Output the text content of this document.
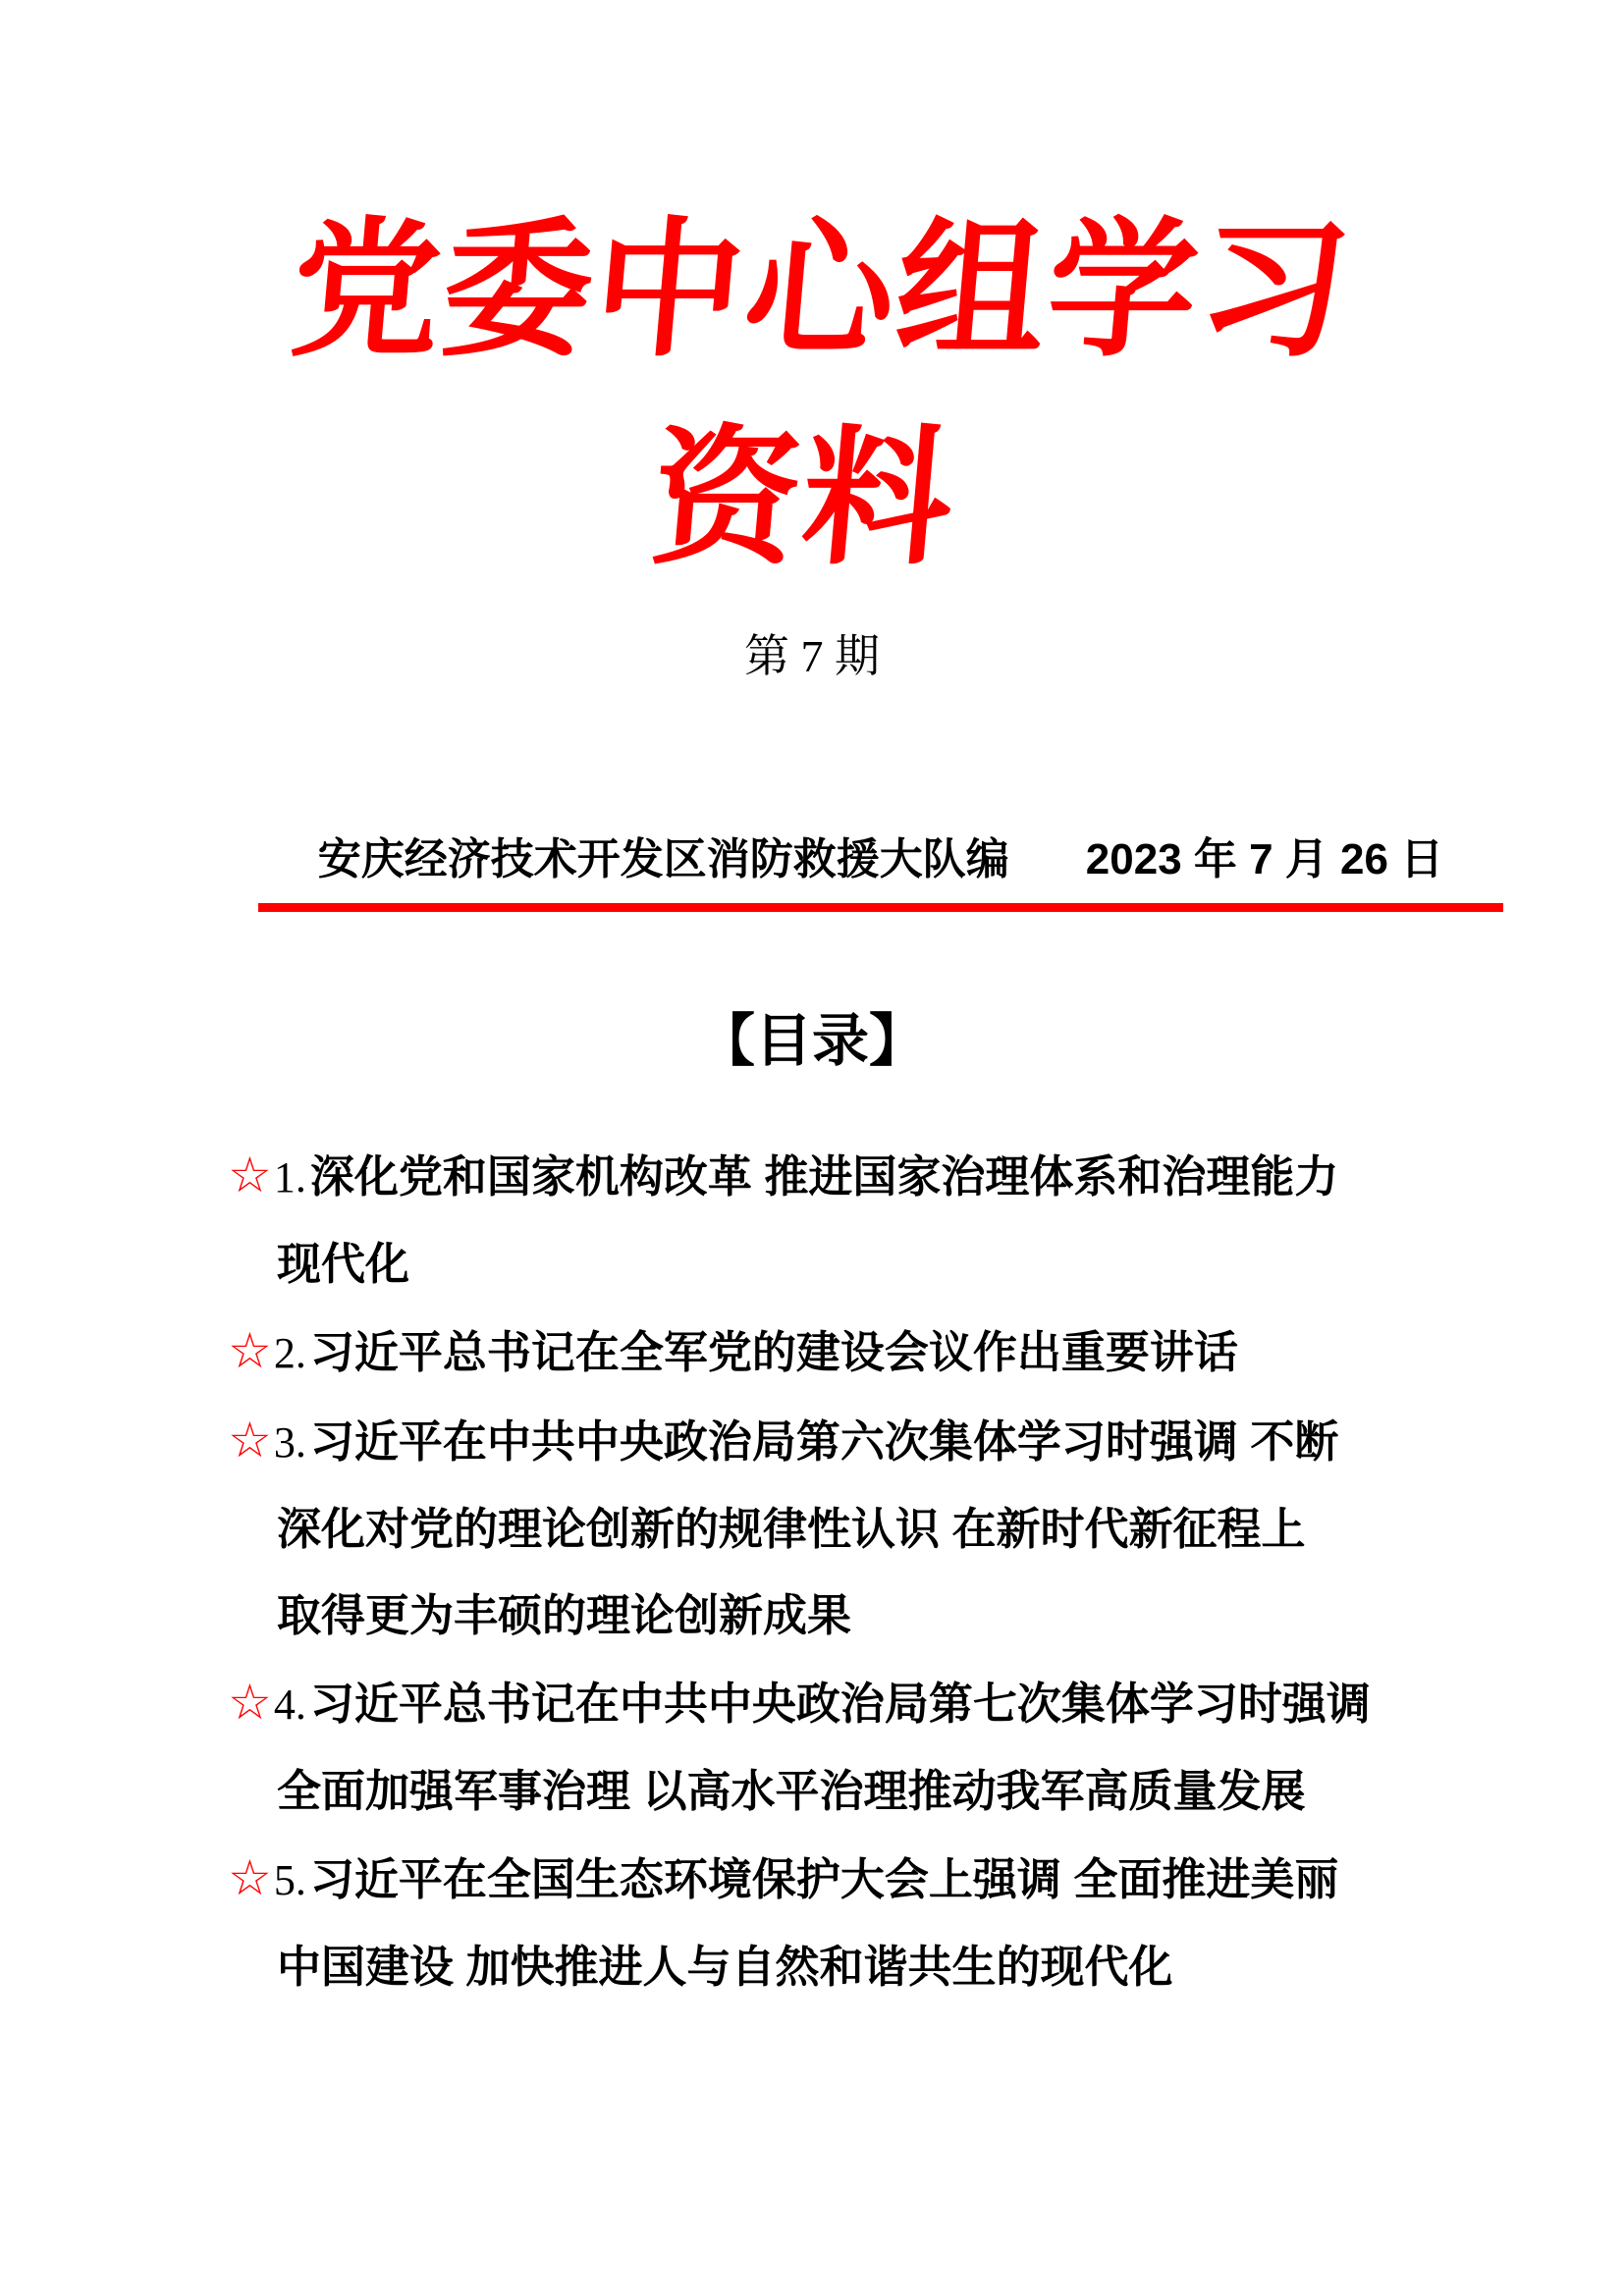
党委中心组学习资料
第 7 期
安庆经济技术开发区消防救援大队编 2023 年 7 月 26 日
【目录】
☆1.深化党和国家机构改革 推进国家治理体系和治理能力
现代化
☆2.习近平总书记在全军党的建设会议作出重要讲话
☆3.习近平在中共中央政治局第六次集体学习时强调 不断
深化对党的理论创新的规律性认识 在新时代新征程上
取得更为丰硕的理论创新成果
☆4.习近平总书记在中共中央政治局第七次集体学习时强调
全面加强军事治理 以高水平治理推动我军高质量发展
☆5.习近平在全国生态环境保护大会上强调 全面推进美丽
中国建设 加快推进人与自然和谐共生的现代化
